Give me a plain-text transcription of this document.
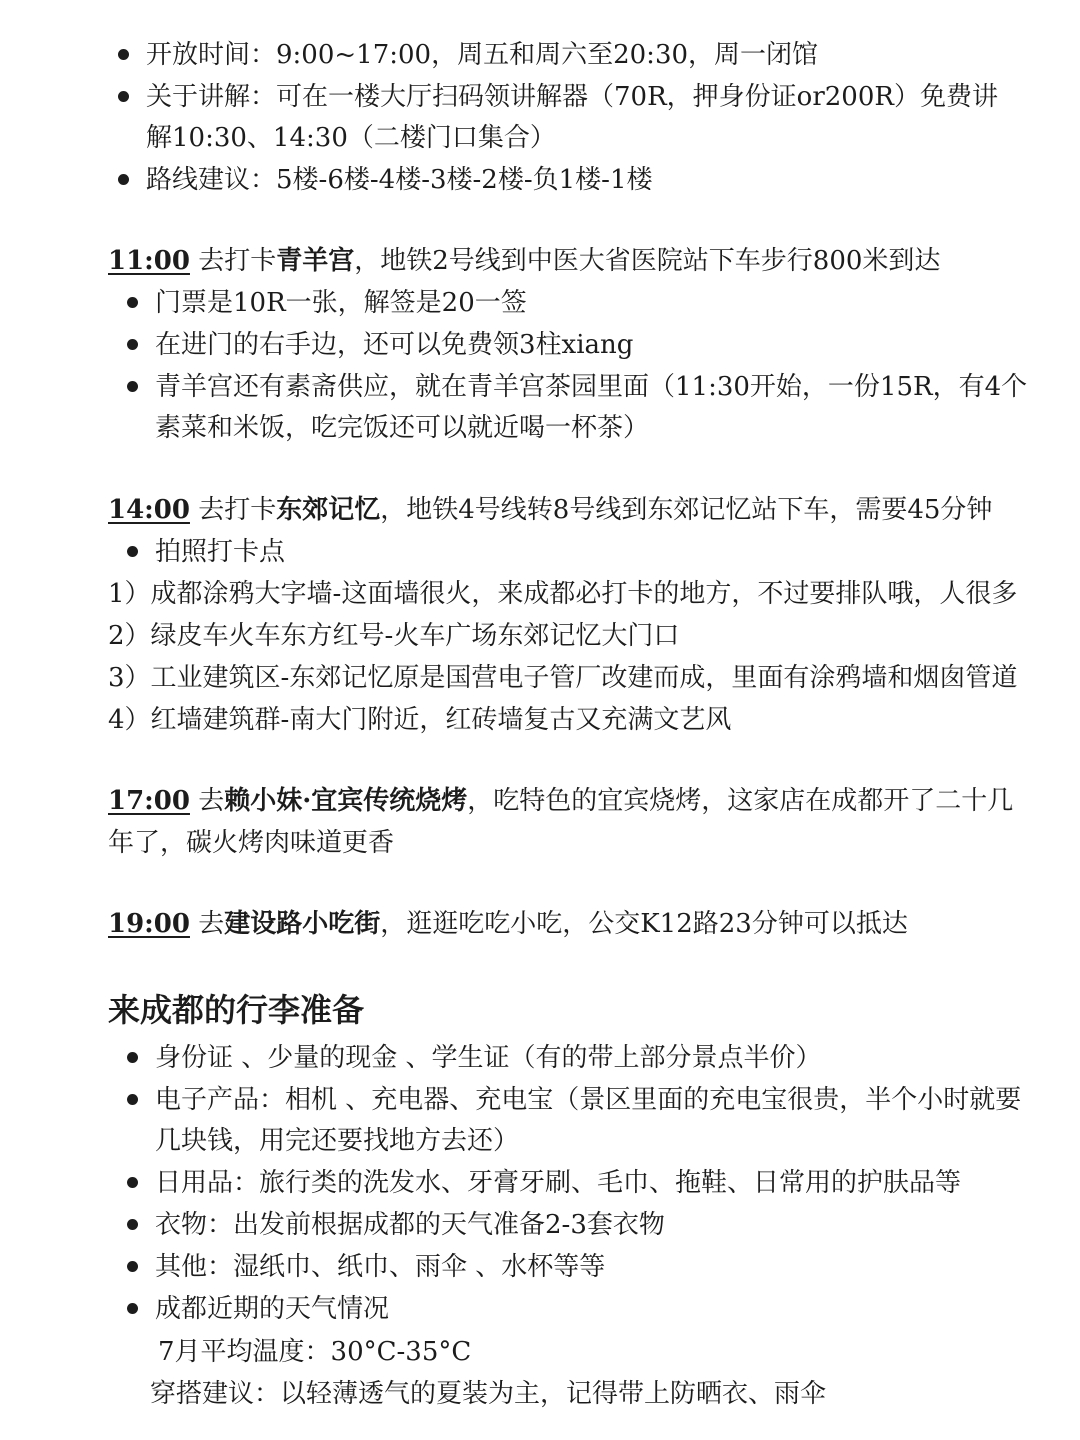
开放时间：9:00~17:00，周五和周六至20:30，周一闭馆
关于讲解：可在一楼大厅扫码领讲解器（70R，押身份证or200R）免费讲
解10:30、14:30（二楼门口集合）
路线建议：5楼-6楼-4楼-3楼-2楼-负1楼-1楼
11:00 去打卡青羊宫，地铁2号线到中医大省医院站下车步行800米到达
门票是10R一张，解签是20一签
在进门的右手边，还可以免费领3柱xiang
青羊宫还有素斋供应，就在青羊宫茶园里面（11:30开始，一份15R，有4个
素菜和米饭，吃完饭还可以就近喝一杯茶）
14:00 去打卡东郊记忆，地铁4号线转8号线到东郊记忆站下车，需要45分钟
拍照打卡点
1）成都涂鸦大字墙-这面墙很火，来成都必打卡的地方，不过要排队哦，人很多
2）绿皮车火车东方红号-火车广场东郊记忆大门口
3）工业建筑区-东郊记忆原是国营电子管厂改建而成，里面有涂鸦墙和烟囱管道
4）红墙建筑群-南大门附近，红砖墙复古又充满文艺风
17:00 去赖小妹·宜宾传统烧烤，吃特色的宜宾烧烤，这家店在成都开了二十几
年了，碳火烤肉味道更香
19:00 去建设路小吃街，逛逛吃吃小吃，公交K12路23分钟可以抵达
来成都的行李准备
身份证 、少量的现金 、学生证（有的带上部分景点半价）
电子产品：相机 、充电器、充电宝（景区里面的充电宝很贵，半个小时就要
几块钱，用完还要找地方去还）
日用品：旅行类的洗发水、牙膏牙刷、毛巾、拖鞋、日常用的护肤品等
衣物：出发前根据成都的天气准备2-3套衣物
其他：湿纸巾、纸巾、雨伞 、水杯等等
成都近期的天气情况
7月平均温度：30°C-35°C
穿搭建议：以轻薄透气的夏装为主，记得带上防晒衣、雨伞
